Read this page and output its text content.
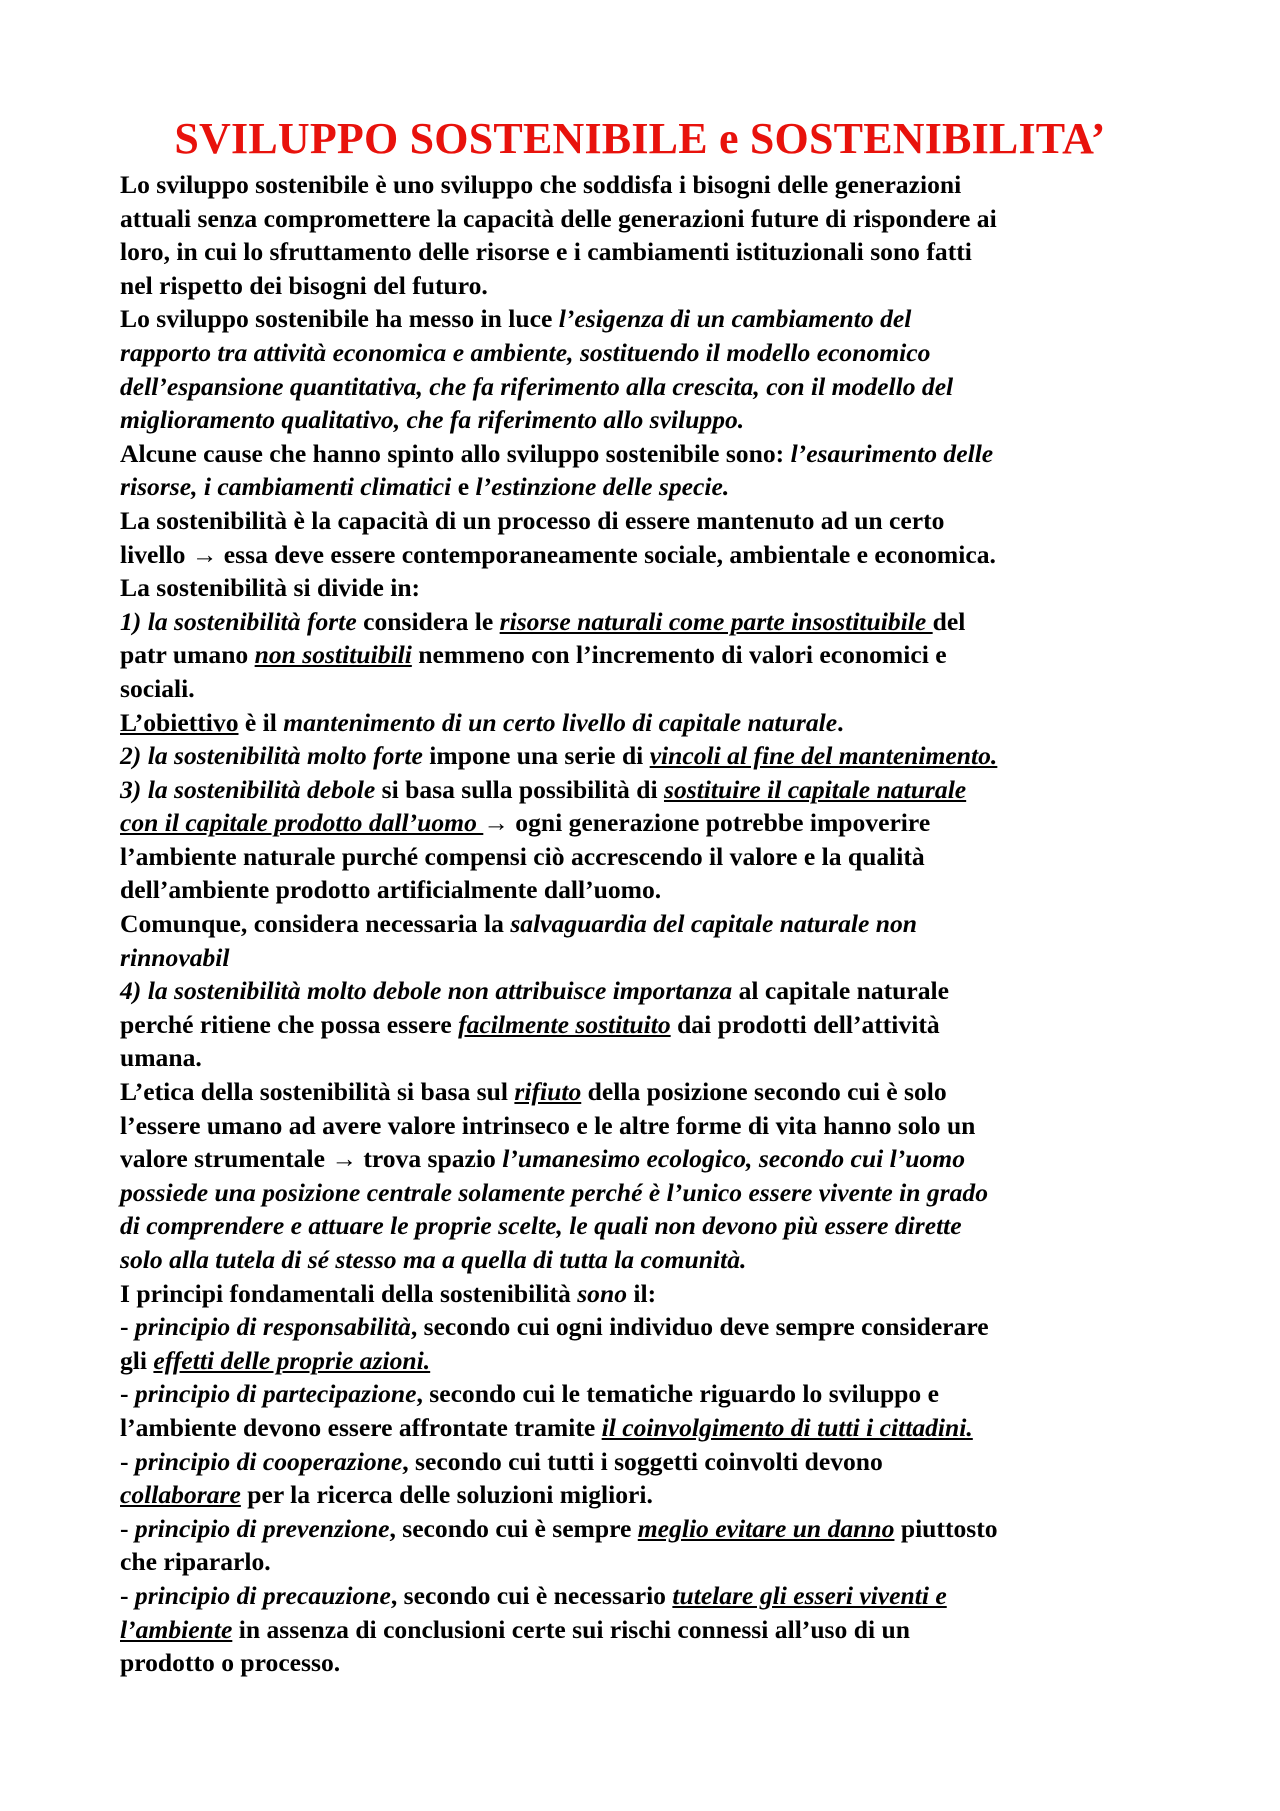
SVILUPPO SOSTENIBILE e SOSTENIBILITA’
Lo sviluppo sostenibile è uno sviluppo che soddisfa i bisogni delle generazioni
attuali senza compromettere la capacità delle generazioni future di rispondere ai
loro, in cui lo sfruttamento delle risorse e i cambiamenti istituzionali sono fatti
nel rispetto dei bisogni del futuro.
Lo sviluppo sostenibile ha messo in luce l’esigenza di un cambiamento del
rapporto tra attività economica e ambiente, sostituendo il modello economico
dell’espansione quantitativa, che fa riferimento alla crescita, con il modello del
miglioramento qualitativo, che fa riferimento allo sviluppo.
Alcune cause che hanno spinto allo sviluppo sostenibile sono: l’esaurimento delle
risorse, i cambiamenti climatici e l’estinzione delle specie.
La sostenibilità è la capacità di un processo di essere mantenuto ad un certo
livello → essa deve essere contemporaneamente sociale, ambientale e economica.
La sostenibilità si divide in:
1) la sostenibilità forte considera le risorse naturali come parte insostituibile del
patr umano non sostituibili nemmeno con l’incremento di valori economici e
sociali.
L’obiettivo è il mantenimento di un certo livello di capitale naturale.
2) la sostenibilità molto forte impone una serie di vincoli al fine del mantenimento.
3) la sostenibilità debole si basa sulla possibilità di sostituire il capitale naturale
con il capitale prodotto dall’uomo → ogni generazione potrebbe impoverire
l’ambiente naturale purché compensi ciò accrescendo il valore e la qualità
dell’ambiente prodotto artificialmente dall’uomo.
Comunque, considera necessaria la salvaguardia del capitale naturale non
rinnovabil
4) la sostenibilità molto debole non attribuisce importanza al capitale naturale
perché ritiene che possa essere facilmente sostituito dai prodotti dell’attività
umana.
L’etica della sostenibilità si basa sul rifiuto della posizione secondo cui è solo
l’essere umano ad avere valore intrinseco e le altre forme di vita hanno solo un
valore strumentale → trova spazio l’umanesimo ecologico, secondo cui l’uomo
possiede una posizione centrale solamente perché è l’unico essere vivente in grado
di comprendere e attuare le proprie scelte, le quali non devono più essere dirette
solo alla tutela di sé stesso ma a quella di tutta la comunità.
I principi fondamentali della sostenibilità sono il:
- principio di responsabilità, secondo cui ogni individuo deve sempre considerare
gli effetti delle proprie azioni.
- principio di partecipazione, secondo cui le tematiche riguardo lo sviluppo e
l’ambiente devono essere affrontate tramite il coinvolgimento di tutti i cittadini.
- principio di cooperazione, secondo cui tutti i soggetti coinvolti devono
collaborare per la ricerca delle soluzioni migliori.
- principio di prevenzione, secondo cui è sempre meglio evitare un danno piuttosto
che ripararlo.
- principio di precauzione, secondo cui è necessario tutelare gli esseri viventi e
l’ambiente in assenza di conclusioni certe sui rischi connessi all’uso di un
prodotto o processo.
